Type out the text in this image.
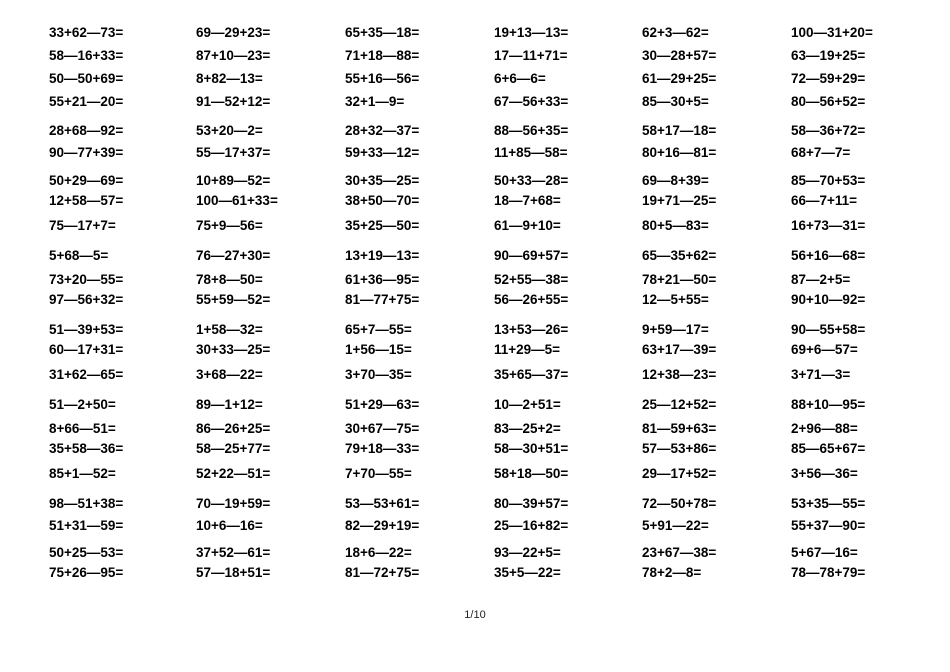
33+62—73=
58—16+33=
50—50+69=
55+21—20=
28+68—92=
90—77+39=
50+29—69=
12+58—57=
75—17+7=
5+68—5=
73+20—55=
97—56+32=
51—39+53=
60—17+31=
31+62—65=
51—2+50=
8+66—51=
35+58—36=
85+1—52=
98—51+38=
51+31—59=
50+25—53=
75+26—95=
69—29+23=
87+10—23=
8+82—13=
91—52+12=
53+20—2=
55—17+37=
10+89—52=
100—61+33=
75+9—56=
76—27+30=
78+8—50=
55+59—52=
1+58—32=
30+33—25=
3+68—22=
89—1+12=
86—26+25=
58—25+77=
52+22—51=
70—19+59=
10+6—16=
37+52—61=
57—18+51=
65+35—18=
71+18—88=
55+16—56=
32+1—9=
28+32—37=
59+33—12=
30+35—25=
38+50—70=
35+25—50=
13+19—13=
61+36—95=
81—77+75=
65+7—55=
1+56—15=
3+70—35=
51+29—63=
30+67—75=
79+18—33=
7+70—55=
53—53+61=
82—29+19=
18+6—22=
81—72+75=
19+13—13=
17—11+71=
6+6—6=
67—56+33=
88—56+35=
11+85—58=
50+33—28=
18—7+68=
61—9+10=
90—69+57=
52+55—38=
56—26+55=
13+53—26=
11+29—5=
35+65—37=
10—2+51=
83—25+2=
58—30+51=
58+18—50=
80—39+57=
25—16+82=
93—22+5=
35+5—22=
62+3—62=
30—28+57=
61—29+25=
85—30+5=
58+17—18=
80+16—81=
69—8+39=
19+71—25=
80+5—83=
65—35+62=
78+21—50=
12—5+55=
9+59—17=
63+17—39=
12+38—23=
25—12+52=
81—59+63=
57—53+86=
29—17+52=
72—50+78=
5+91—22=
23+67—38=
78+2—8=
100—31+20=
63—19+25=
72—59+29=
80—56+52=
58—36+72=
68+7—7=
85—70+53=
66—7+11=
16+73—31=
56+16—68=
87—2+5=
90+10—92=
90—55+58=
69+6—57=
3+71—3=
88+10—95=
2+96—88=
85—65+67=
3+56—36=
53+35—55=
55+37—90=
5+67—16=
78—78+79=
1/10
